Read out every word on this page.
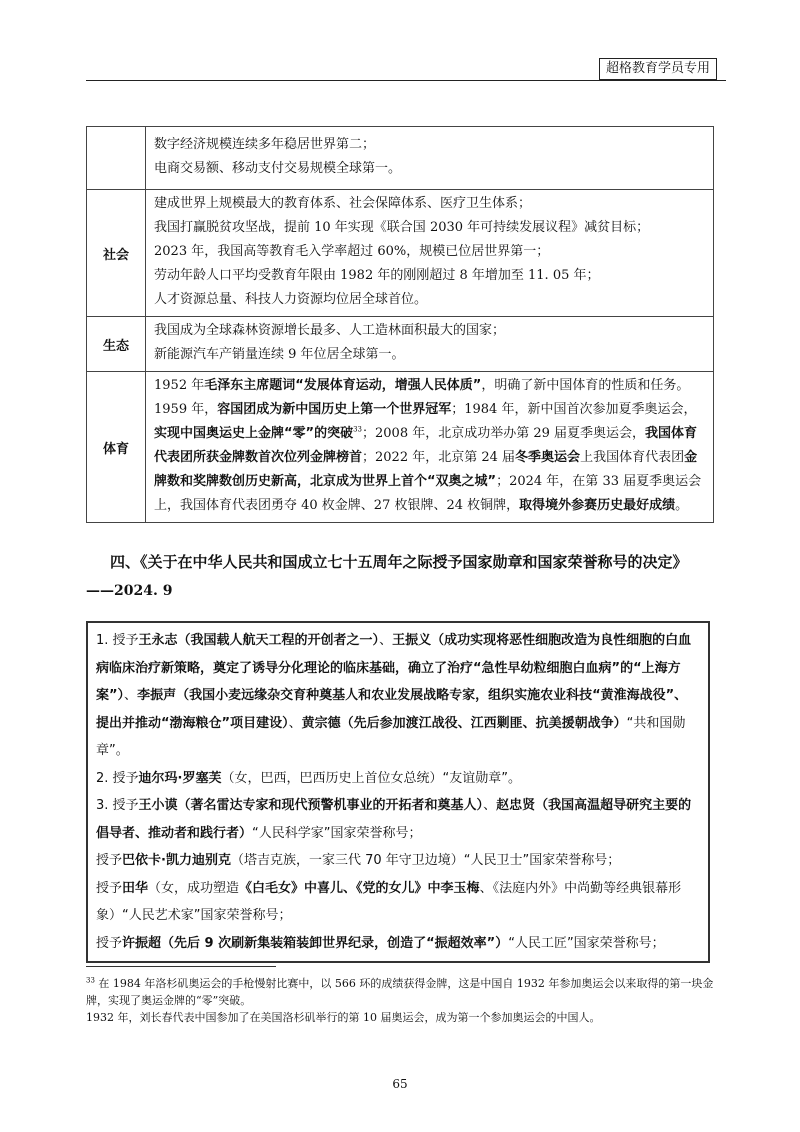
超格教育学员专用

	数字经济规模连续多年稳居世界第二；

电商交易额、移动支付交易规模全球第一。

社会	建成世界上规模最大的教育体系、社会保障体系、医疗卫生体系；

我国打赢脱贫攻坚战，提前 10 年实现《联合国 2030 年可持续发展议程》减贫目标；

2023 年，我国高等教育毛入学率超过 60%，规模已位居世界第一；

劳动年龄人口平均受教育年限由 1982 年的刚刚超过 8 年增加至 11. 05 年；

人才资源总量、科技人力资源均位居全球首位。

生态	我国成为全球森林资源增长最多、人工造林面积最大的国家；

新能源汽车产销量连续 9 年位居全球第一。

体育	1952 年毛泽东主席题词“发展体育运动，增强人民体质”，明确了新中国体育的性质和任务。

1959 年，容国团成为新中国历史上第一个世界冠军；1984 年，新中国首次参加夏季奥运会，实现中国奥运史上金牌“零”的突破$^{33}$；2008 年，北京成功举办第 29 届夏季奥运会，我国体育代表团所获金牌数首次位列金牌榜首；2022 年，北京第 24 届冬季奥运会上我国体育代表团金牌数和奖牌数创历史新高，北京成为世界上首个“双奥之城”；2024 年，在第 33 届夏季奥运会上，我国体育代表团勇夺 40 枚金牌、27 枚银牌、24 枚铜牌，取得境外参赛历史最好成绩。

四、《关于在中华人民共和国成立七十五周年之际授予国家勋章和国家荣誉称号的决定》
——2024. 9

1. 授予王永志（我国载人航天工程的开创者之一）、王振义（成功实现将恶性细胞改造为良性细胞的白血病临床治疗新策略，奠定了诱导分化理论的临床基础，确立了治疗“急性早幼粒细胞白血病”的“上海方案”）、李振声（我国小麦远缘杂交育种奠基人和农业发展战略专家，组织实施农业科技“黄淮海战役”、提出并推动“渤海粮仓”项目建设）、黄宗德（先后参加渡江战役、江西剿匪、抗美援朝战争）“共和国勋章”。

2. 授予迪尔玛·罗塞芙（女，巴西，巴西历史上首位女总统）“友谊勋章”。

3. 授予王小谟（著名雷达专家和现代预警机事业的开拓者和奠基人）、赵忠贤（我国高温超导研究主要的倡导者、推动者和践行者）“人民科学家”国家荣誉称号；

授予巴依卡·凯力迪别克（塔吉克族，一家三代 70 年守卫边境）“人民卫士”国家荣誉称号；

授予田华（女，成功塑造《白毛女》中喜儿、《党的女儿》中李玉梅、《法庭内外》中尚勤等经典银幕形象）“人民艺术家”国家荣誉称号；

授予许振超（先后 9 次刷新集装箱装卸世界纪录，创造了“振超效率”）“人民工匠”国家荣誉称号；

$^{33}$ 在 1984 年洛杉矶奥运会的手枪慢射比赛中，以 566 环的成绩获得金牌，这是中国自 1932 年参加奥运会以来取得的第一块金牌，实现了奥运金牌的“零”突破。

1932 年，刘长春代表中国参加了在美国洛杉矶举行的第 10 届奥运会，成为第一个参加奥运会的中国人。

65
